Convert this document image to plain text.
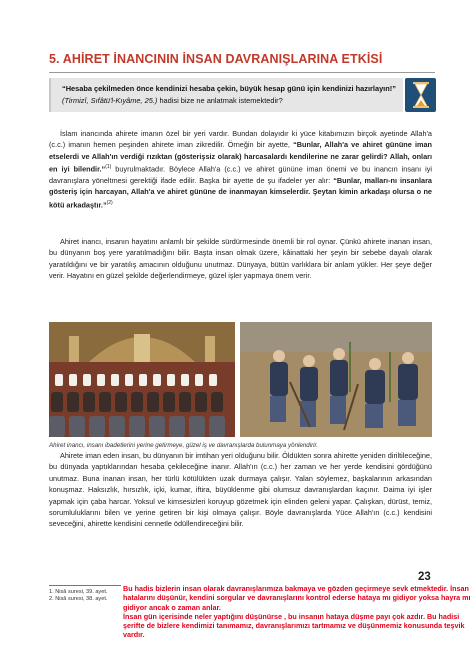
5. AHİRET İNANCININ İNSAN DAVRANIŞLARINA ETKİSİ
“Hesaba çekilmeden önce kendinizi hesaba çekin, büyük hesap günü için kendinizi hazırlayın!” (Tirmizî, Sıfâtü'l-Kıyâme, 25.) hadisi bize ne anlatmak istemektedir?

İslam inancında ahirete imanın özel bir yeri vardır. Bundan dolayıdır ki yüce kitabımızın birçok ayetinde Allah'a (c.c.) imanın hemen peşinden ahirete iman zikredilir. Örneğin bir ayette, “Bunlar, Allah'a ve ahiret gününe iman etselerdi ve Allah'ın verdiği rızıktan (gösterişsiz olarak) harcasalardı kendilerine ne zarar gelirdi? Allah, onları en iyi bilendir.”$^{(1)}$ buyrulmaktadır. Böylece Allah'a (c.c.) ve ahiret gününe iman önemi ve bu inancın insanı iyi davranışlara yöneltmesi gerektiği ifade edilir. Başka bir ayette de şu ifadeler yer alır: “Bunlar, malları-nı insanlara gösteriş için harcayan, Allah'a ve ahiret gününe de inanmayan kimselerdir. Şeytan kimin arkadaşı olursa o ne kötü arkadaştır.”$^{(2)}$

Ahiret inancı, insanın hayatını anlamlı bir şekilde sürdürmesinde önemli bir rol oynar. Çünkü ahirete inanan insan, bu dünyanın boş yere yaratılmadığını bilir. Başta insan olmak üzere, kâinattaki her şeyin bir sebebe dayalı olarak yaratıldığını ve bir yaratılış amacının olduğunu unutmaz. Dünyaya, bütün varlıklara bir anlam yükler. Her şeye değer verir. Hayatını en güzel şekilde değerlendirmeye, güzel işler yapmaya önem verir.

Ahiret inancı, insanı ibadetlerini yerine getirmeye, güzel iş ve davranışlarda bulunmaya yönlendirir.

Ahirete iman eden insan, bu dünyanın bir imtihan yeri olduğunu bilir. Öldükten sonra ahirette yeniden diriltileceğine, bu dünyada yaptıklarından hesaba çekileceğine inanır. Allah'ın (c.c.) her zaman ve her yerde kendisini gördüğünü unutmaz. Buna inanan insan, her türlü kötülükten uzak durmaya çalışır. Yalan söylemez, başkalarının arkasından konuşmaz. Haksızlık, hırsızlık, içki, kumar, iftira, büyüklenme gibi olumsuz davranışlardan kaçınır. Daima iyi işler yapmak için çaba harcar. Yoksul ve kimsesizleri koruyup gözetmek için elinden geleni yapar. Çalışkan, dürüst, temiz, sorumluluklarını bilen ve yerine getiren bir kişi olmaya çalışır. Böyle davranışlarda Yüce Allah'ın (c.c.) kendisini seveceğini, ahirette kendisini cennetle ödüllendireceğini bilir.

23
1. Nisâ suresi, 39. ayet.
2. Nisâ suresi, 38. ayet.

Bu hadis bizlerin insan olarak davranışlarımıza bakmaya ve gözden geçirmeye sevk etmektedir. İnsan hatalarını düşünür, kendini sorgular ve davranışlarını kontrol ederse hataya mı gidiyor yoksa hayra mı gidiyor ancak o zaman anlar.

İnsan gün içerisinde neler yaptığını düşünürse , bu insanın hataya düşme payı çok azdır. Bu hadisi şerifte de bizlere kendimizi tanımamız, davranışlarımızı tartmamız ve düşünmemiz konusunda teşvik vardır.
